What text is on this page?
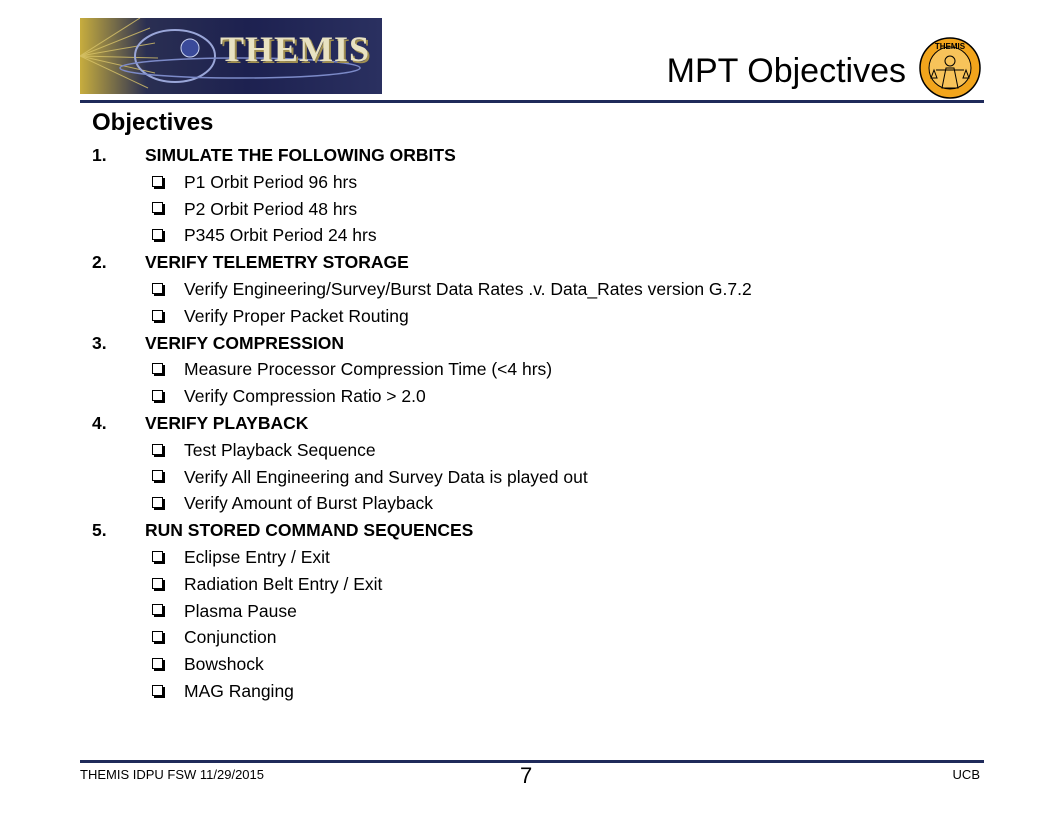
THEMIS
MPT Objectives
THEMIS
Objectives
1. SIMULATE THE FOLLOWING ORBITS
P1 Orbit Period 96 hrs
P2 Orbit Period 48 hrs
P345 Orbit Period 24 hrs
2. VERIFY TELEMETRY STORAGE
Verify Engineering/Survey/Burst Data Rates .v. Data_Rates version G.7.2
Verify Proper Packet Routing
3. VERIFY COMPRESSION
Measure Processor Compression Time (<4 hrs)
Verify Compression Ratio > 2.0
4. VERIFY PLAYBACK
Test Playback Sequence
Verify All Engineering and Survey Data is played out
Verify Amount of Burst Playback
5. RUN STORED COMMAND SEQUENCES
Eclipse Entry / Exit
Radiation Belt Entry / Exit
Plasma Pause
Conjunction
Bowshock
MAG Ranging
THEMIS IDPU FSW 11/29/2015	7	UCB
